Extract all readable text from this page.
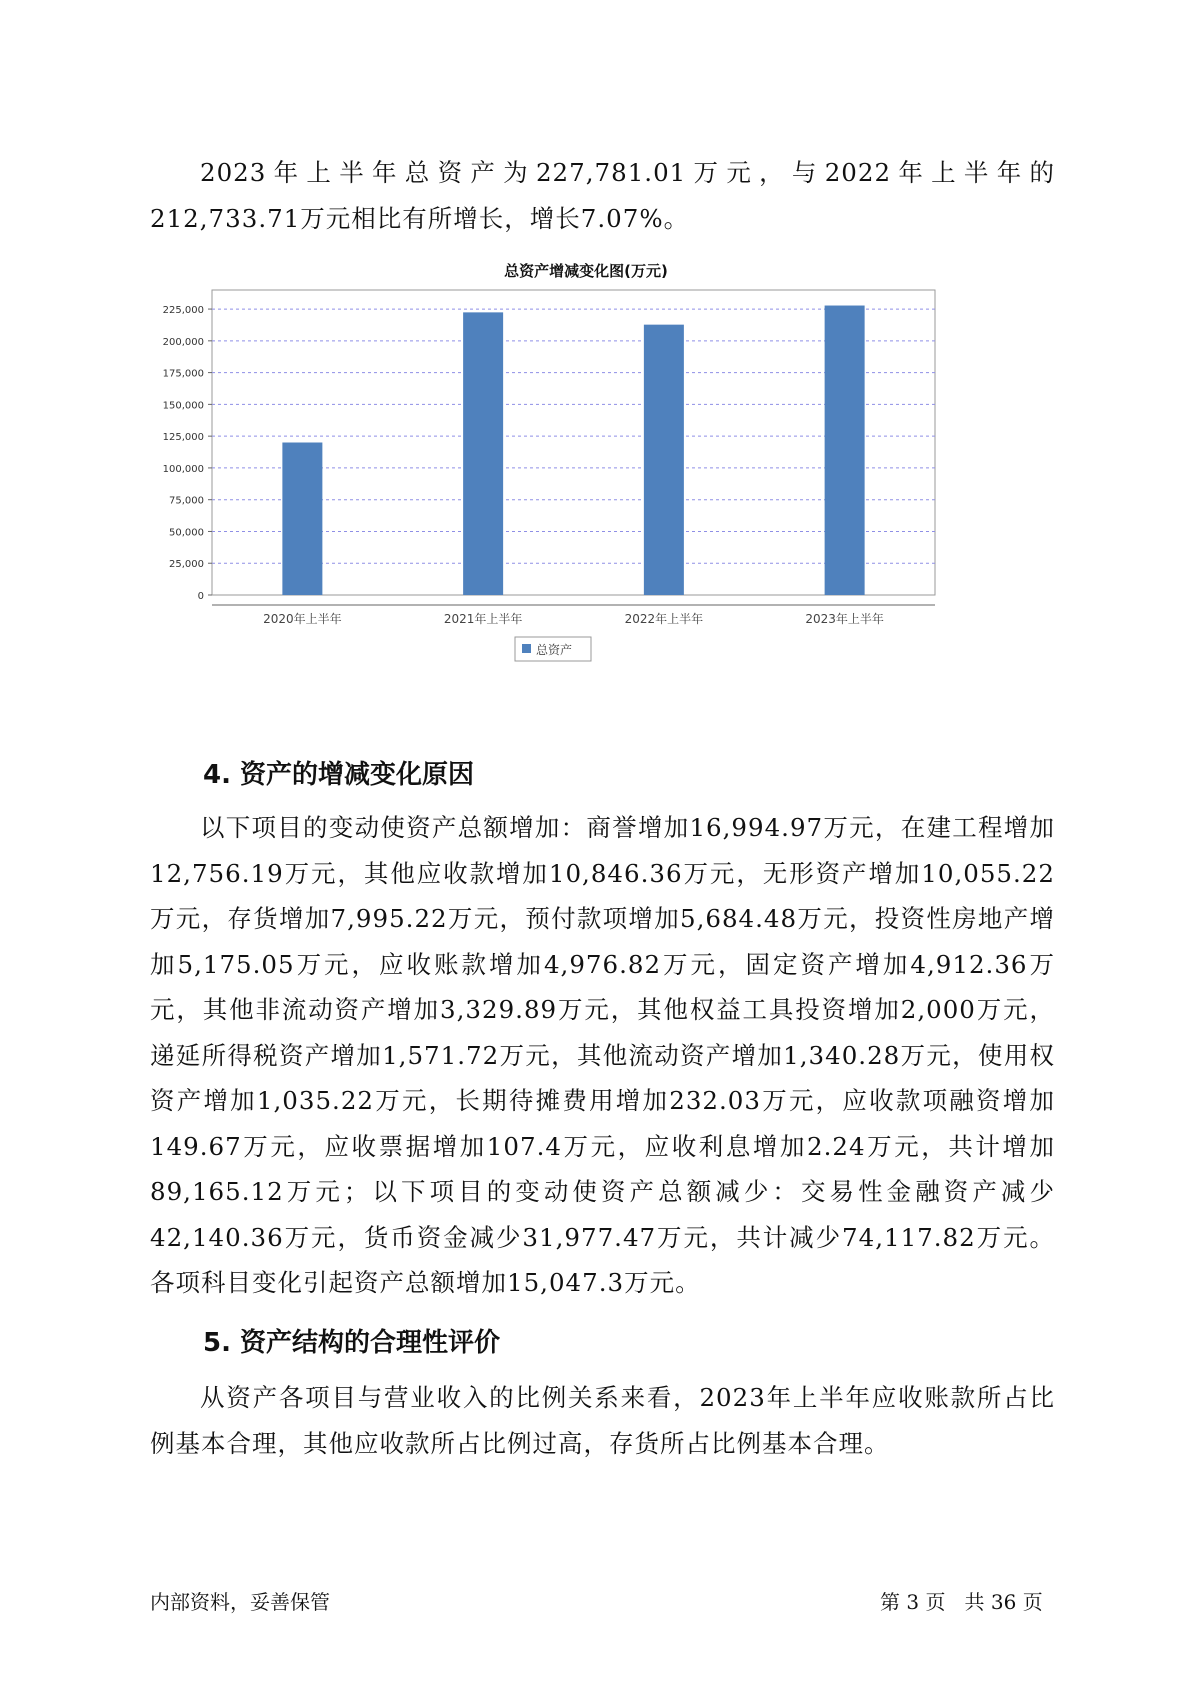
2023年上半年总资产为227,781.01万元，与2022年上半年的212,733.71万元相比有所增长，增长7.07%。

总资产增减变化图(万元)
0
25,000
50,000
75,000
100,000
125,000
150,000
175,000
200,000
225,000
2020年上半年	2021年上半年	2022年上半年	2023年上半年
总资产
4. 资产的增减变化原因

以下项目的变动使资产总额增加：商誉增加16,994.97万元，在建工程增加12,756.19万元，其他应收款增加10,846.36万元，无形资产增加10,055.22万元，存货增加7,995.22万元，预付款项增加5,684.48万元，投资性房地产增加5,175.05万元，应收账款增加4,976.82万元，固定资产增加4,912.36万元，其他非流动资产增加3,329.89万元，其他权益工具投资增加2,000万元，递延所得税资产增加1,571.72万元，其他流动资产增加1,340.28万元，使用权资产增加1,035.22万元，长期待摊费用增加232.03万元，应收款项融资增加149.67万元，应收票据增加107.4万元，应收利息增加2.24万元，共计增加89,165.12万元；以下项目的变动使资产总额减少：交易性金融资产减少42,140.36万元，货币资金减少31,977.47万元，共计减少74,117.82万元。各项科目变化引起资产总额增加15,047.3万元。

5. 资产结构的合理性评价

从资产各项目与营业收入的比例关系来看，2023年上半年应收账款所占比例基本合理，其他应收款所占比例过高，存货所占比例基本合理。

内部资料，妥善保管	第 3 页 共 36 页
